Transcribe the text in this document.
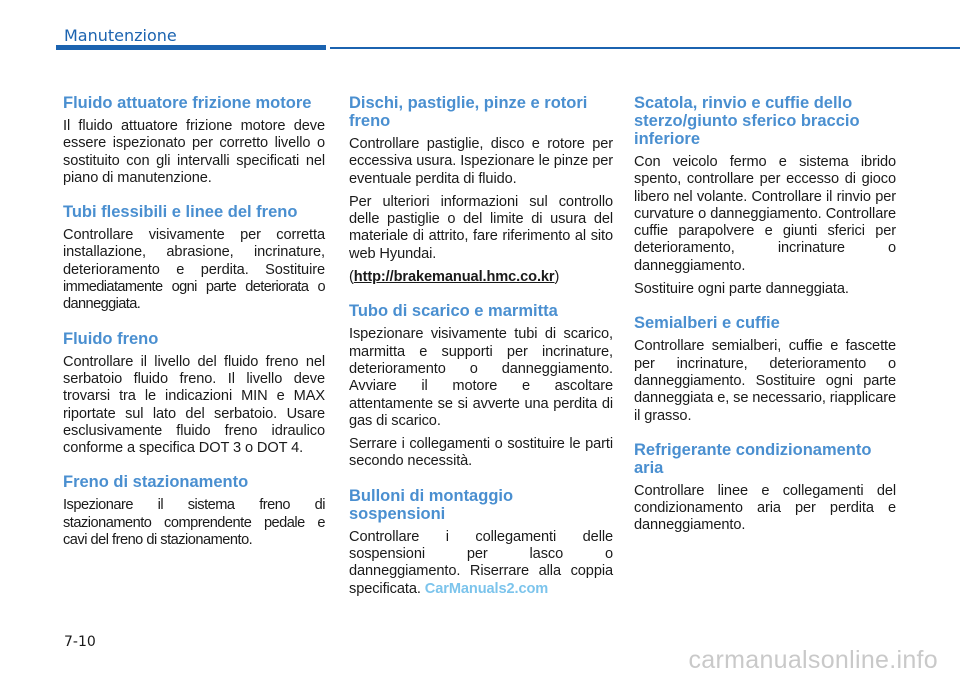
Manutenzione
Fluido attuatore frizione motore

Il fluido attuatore frizione motore deve essere ispezionato per corretto livello o sostituito con gli intervalli specificati nel piano di manutenzione.

Tubi flessibili e linee del freno

Controllare visivamente per corretta installazione, abrasione, incrinature, deterioramento e perdita. Sostituire immediatamente ogni parte deteriorata o danneggiata.

Fluido freno

Controllare il livello del fluido freno nel serbatoio fluido freno. Il livello deve trovarsi tra le indicazioni MIN e MAX riportate sul lato del serbatoio. Usare esclusivamente fluido freno idraulico conforme a specifica DOT 3 o DOT 4.

Freno di stazionamento

Ispezionare il sistema freno di stazionamento comprendente pedale e cavi del freno di stazionamento.

Dischi, pastiglie, pinze e rotori freno

Controllare pastiglie, disco e rotore per eccessiva usura. Ispezionare le pinze per eventuale perdita di fluido.

Per ulteriori informazioni sul controllo delle pastiglie o del limite di usura del materiale di attrito, fare riferimento al sito web Hyundai.

(http://brakemanual.hmc.co.kr)

Tubo di scarico e marmitta

Ispezionare visivamente tubi di scarico, marmitta e supporti per incrinature, deterioramento o danneggiamento. Avviare il motore e ascoltare attentamente se si avverte una perdita di gas di scarico.

Serrare i collegamenti o sostituire le parti secondo necessità.

Bulloni di montaggio sospensioni

Controllare i collegamenti delle sospensioni per lasco o danneggiamento. Riserrare alla coppia specificata. CarManuals2.com

Scatola, rinvio e cuffie dello sterzo/giunto sferico braccio inferiore

Con veicolo fermo e sistema ibrido spento, controllare per eccesso di gioco libero nel volante. Controllare il rinvio per curvature o danneggiamento. Controllare cuffie parapolvere e giunti sferici per deterioramento, incrinature o danneggiamento.

Sostituire ogni parte danneggiata.

Semialberi e cuffie

Controllare semialberi, cuffie e fascette per incrinature, deterioramento o danneggiamento. Sostituire ogni parte danneggiata e, se necessario, riapplicare il grasso.

Refrigerante condizionamento aria

Controllare linee e collegamenti del condizionamento aria per perdita e danneggiamento.

7-10
carmanualsonline.info
